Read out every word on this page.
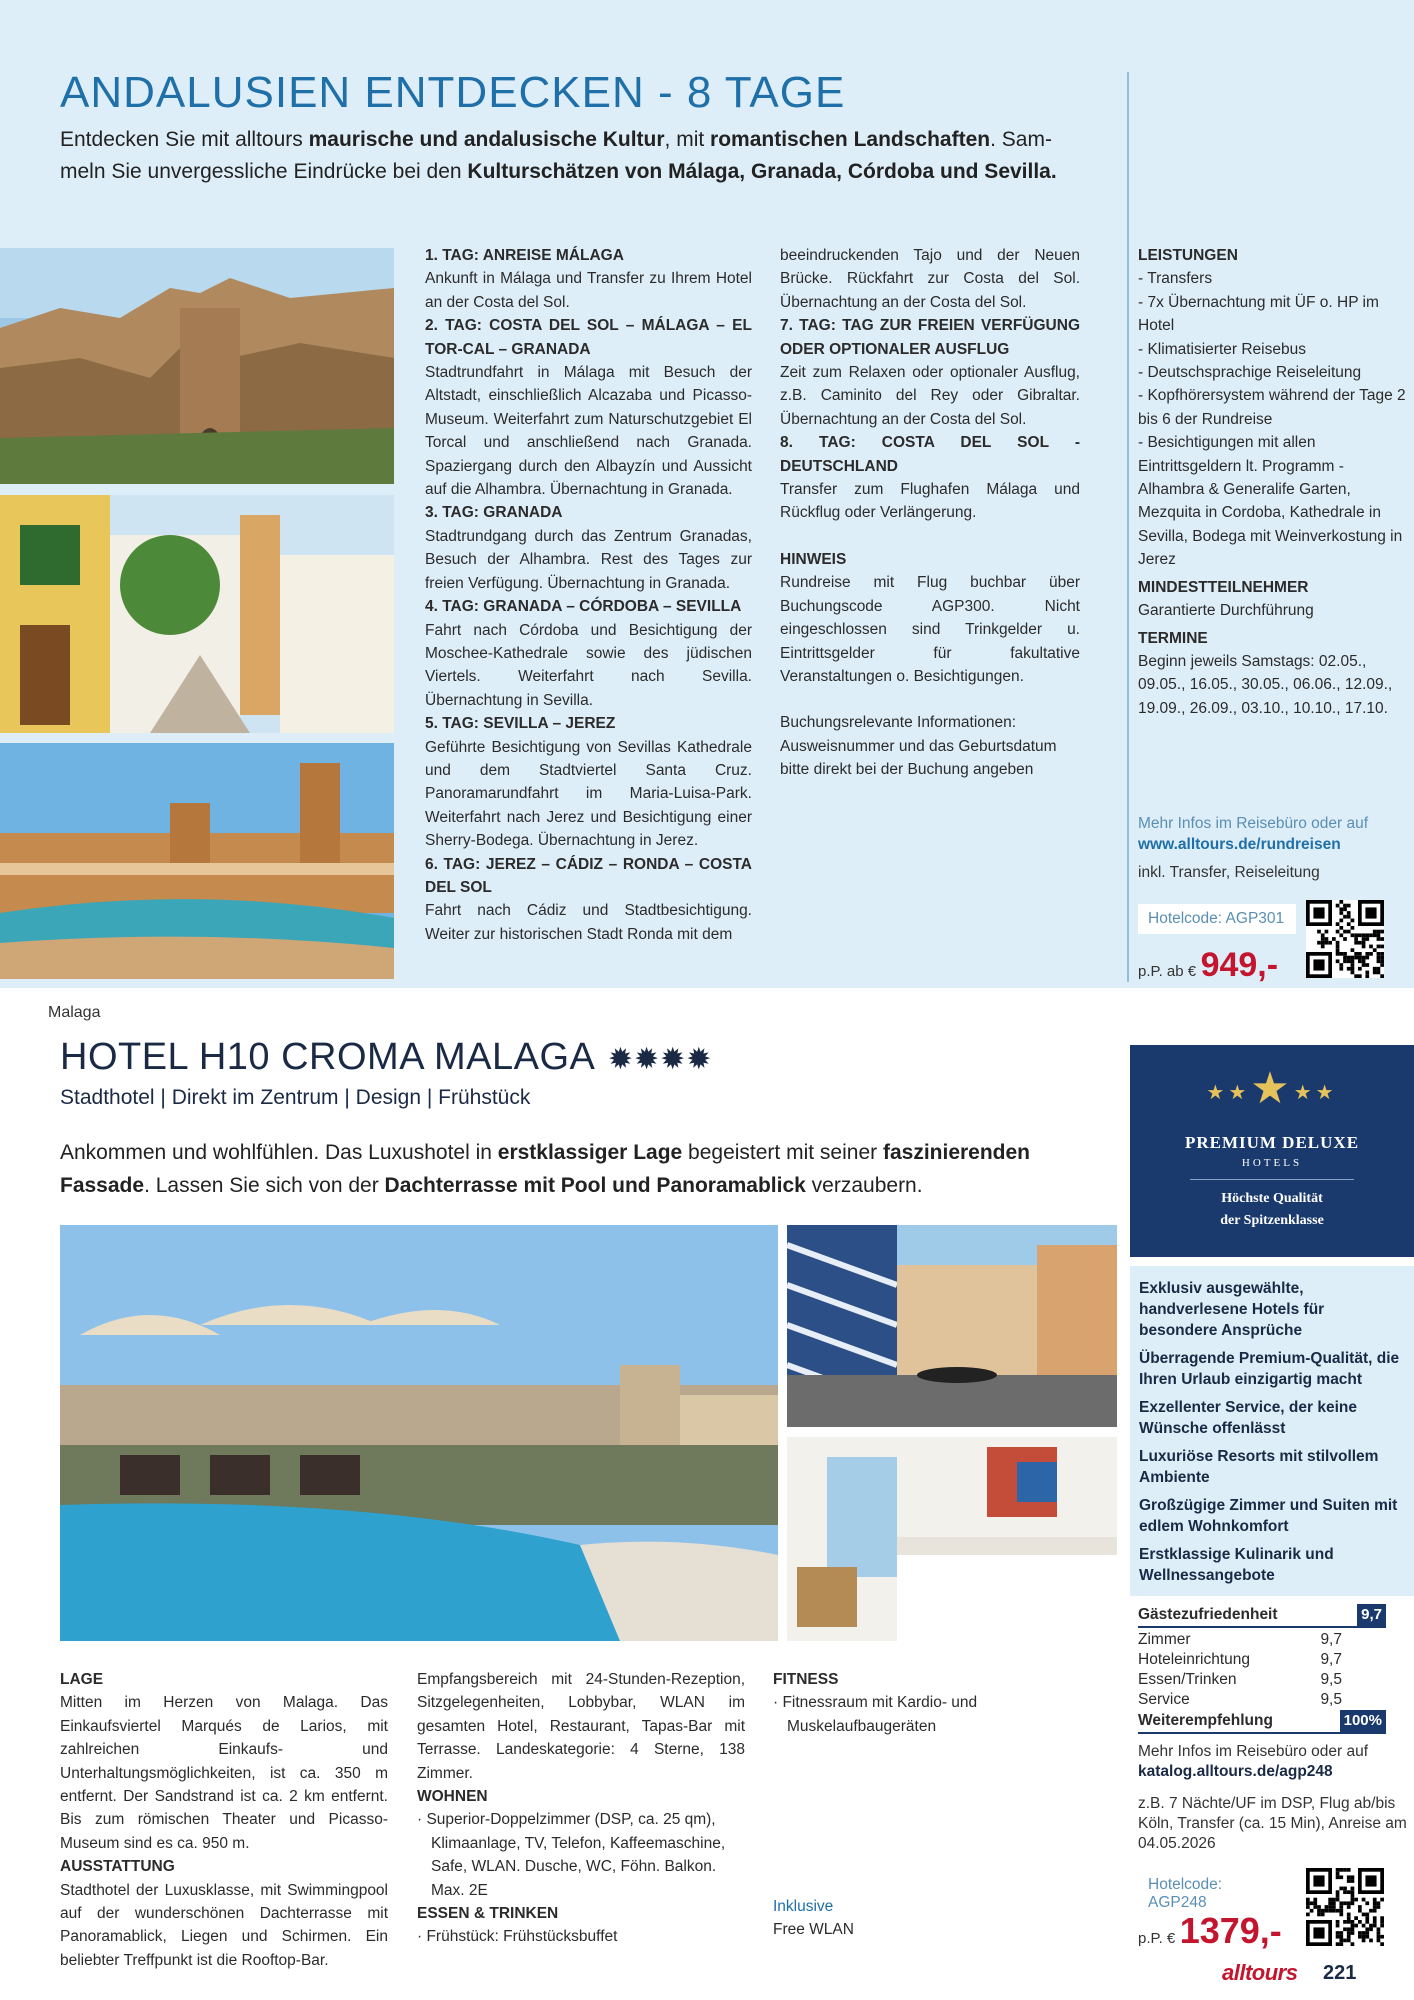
ANDALUSIEN ENTDECKEN - 8 TAGE
Entdecken Sie mit alltours maurische und andalusische Kultur, mit romantischen Landschaften. Sam-
meln Sie unvergessliche Eindrücke bei den Kulturschätzen von Málaga, Granada, Córdoba und Sevilla.
1. TAG: ANREISE MÁLAGA

Ankunft in Málaga und Transfer zu Ihrem Hotel an der Costa del Sol.

2. TAG: COSTA DEL SOL – MÁLAGA – EL TOR-CAL – GRANADA

Stadtrundfahrt in Málaga mit Besuch der Altstadt, einschließlich Alcazaba und Picasso-Museum. Weiterfahrt zum Naturschutzgebiet El Torcal und anschließend nach Granada. Spaziergang durch den Albayzín und Aussicht auf die Alhambra. Übernachtung in Granada.

3. TAG: GRANADA

Stadtrundgang durch das Zentrum Granadas, Besuch der Alhambra. Rest des Tages zur freien Verfügung. Übernachtung in Granada.

4. TAG: GRANADA – CÓRDOBA – SEVILLA

Fahrt nach Córdoba und Besichtigung der Moschee-Kathedrale sowie des jüdischen Viertels. Weiterfahrt nach Sevilla. Übernachtung in Sevilla.

5. TAG: SEVILLA – JEREZ

Geführte Besichtigung von Sevillas Kathedrale und dem Stadtviertel Santa Cruz. Panoramarundfahrt im Maria-Luisa-Park. Weiterfahrt nach Jerez und Besichtigung einer Sherry-Bodega. Übernachtung in Jerez.

6. TAG: JEREZ – CÁDIZ – RONDA – COSTA DEL SOL

Fahrt nach Cádiz und Stadtbesichtigung. Weiter zur historischen Stadt Ronda mit dem

beeindruckenden Tajo und der Neuen Brücke. Rückfahrt zur Costa del Sol. Übernachtung an der Costa del Sol.

7. TAG: TAG ZUR FREIEN VERFÜGUNG ODER OPTIONALER AUSFLUG

Zeit zum Relaxen oder optionaler Ausflug, z.B. Caminito del Rey oder Gibraltar. Übernachtung an der Costa del Sol.

8. TAG: COSTA DEL SOL - DEUTSCHLAND

Transfer zum Flughafen Málaga und Rückflug oder Verlängerung.

HINWEIS

Rundreise mit Flug buchbar über Buchungscode AGP300. Nicht eingeschlossen sind Trinkgelder u. Eintrittsgelder für fakultative Veranstaltungen o. Besichtigungen.

Buchungsrelevante Informationen: Ausweisnummer und das Geburtsdatum bitte direkt bei der Buchung angeben

LEISTUNGEN
- Transfers
- 7x Übernachtung mit ÜF o. HP im Hotel
- Klimatisierter Reisebus
- Deutschsprachige Reiseleitung
- Kopfhörersystem während der Tage 2 bis 6 der Rundreise
- Besichtigungen mit allen Eintrittsgeldern lt. Programm - Alhambra & Generalife Garten, Mezquita in Cordoba, Kathedrale in Sevilla, Bodega mit Weinverkostung in Jerez
MINDESTTEILNEHMER

Garantierte Durchführung

TERMINE

Beginn jeweils Samstags: 02.05., 09.05., 16.05., 30.05., 06.06., 12.09., 19.09., 26.09., 03.10., 10.10., 17.10.

Mehr Infos im Reisebüro oder auf
www.alltours.de/rundreisen
inkl. Transfer, Reiseleitung
Hotelcode: AGP301
p.P. ab € 949,-
Malaga
HOTEL H10 CROMA MALAGA ✹✹✹✹
Stadthotel | Direkt im Zentrum | Design | Frühstück
Ankommen und wohlfühlen. Das Luxushotel in erstklassiger Lage begeistert mit seiner faszinierenden
Fassade. Lassen Sie sich von der Dachterrasse mit Pool und Panoramablick verzaubern.
★★★★★
PREMIUM DELUXE
HOTELS
Höchste Qualität
der Spitzenklasse
Exklusiv ausgewählte, handverlesene Hotels für besondere Ansprüche
Überragende Premium-Qualität, die Ihren Urlaub einzigartig macht
Exzellenter Service, der keine Wünsche offenlässt
Luxuriöse Resorts mit stilvollem Ambiente
Großzügige Zimmer und Suiten mit edlem Wohnkomfort
Erstklassige Kulinarik und Wellnessangebote
Gästezufriedenheit	9,7
Zimmer	9,7
Hoteleinrichtung	9,7
Essen/Trinken	9,5
Service	9,5
Weiterempfehlung	100%
Mehr Infos im Reisebüro oder auf
katalog.alltours.de/agp248
z.B. 7 Nächte/UF im DSP, Flug ab/bis Köln, Transfer (ca. 15 Min), Anreise am 04.05.2026
Hotelcode: AGP248
p.P. € 1379,-
LAGE

Mitten im Herzen von Malaga. Das Einkaufsviertel Marqués de Larios, mit zahlreichen Einkaufs- und Unterhaltungsmöglichkeiten, ist ca. 350 m entfernt. Der Sandstrand ist ca. 2 km entfernt. Bis zum römischen Theater und Picasso-Museum sind es ca. 950 m.

AUSSTATTUNG

Stadthotel der Luxusklasse, mit Swimmingpool auf der wunderschönen Dachterrasse mit Panoramablick, Liegen und Schirmen. Ein beliebter Treffpunkt ist die Rooftop-Bar.

Empfangsbereich mit 24-Stunden-Rezeption, Sitzgelegenheiten, Lobbybar, WLAN im gesamten Hotel, Restaurant, Tapas-Bar mit Terrasse. Landeskategorie: 4 Sterne, 138 Zimmer.

WOHNEN

· Superior-Doppelzimmer (DSP, ca. 25 qm), Klimaanlage, TV, Telefon, Kaffeemaschine, Safe, WLAN. Dusche, WC, Föhn. Balkon. Max. 2E

ESSEN & TRINKEN

· Frühstück: Frühstücksbuffet

FITNESS

· Fitnessraum mit Kardio- und Muskelaufbaugeräten

Inklusive

Free WLAN

alltours 221
